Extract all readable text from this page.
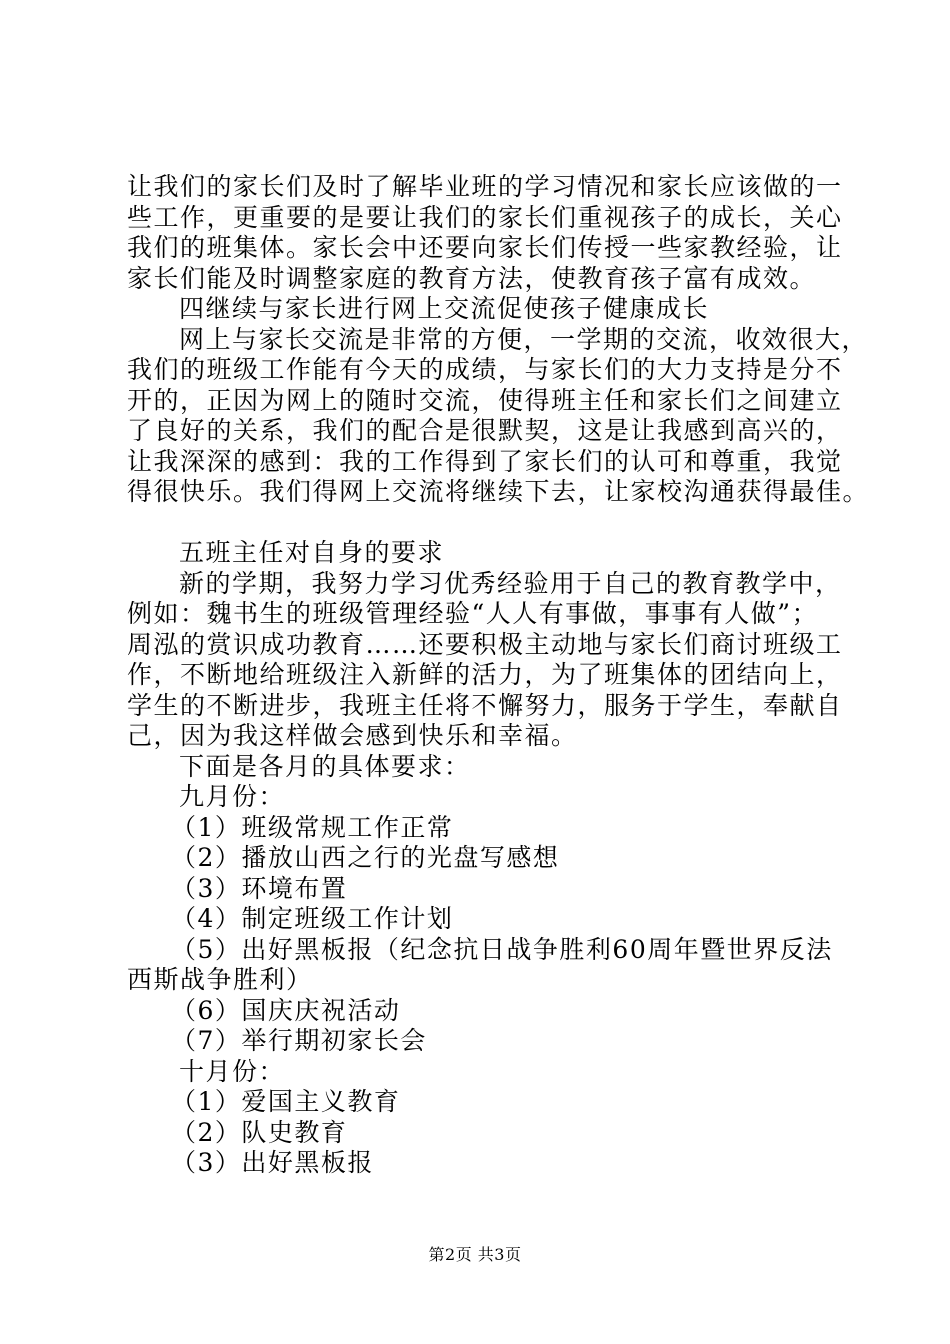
让我们的家长们及时了解毕业班的学习情况和家长应该做的一
些工作，更重要的是要让我们的家长们重视孩子的成长，关心
我们的班集体。家长会中还要向家长们传授一些家教经验，让
家长们能及时调整家庭的教育方法，使教育孩子富有成效。
四继续与家长进行网上交流促使孩子健康成长
网上与家长交流是非常的方便，一学期的交流，收效很大，
我们的班级工作能有今天的成绩，与家长们的大力支持是分不
开的，正因为网上的随时交流，使得班主任和家长们之间建立
了良好的关系，我们的配合是很默契，这是让我感到高兴的，
让我深深的感到：我的工作得到了家长们的认可和尊重，我觉
得很快乐。我们得网上交流将继续下去，让家校沟通获得最佳。
五班主任对自身的要求
新的学期，我努力学习优秀经验用于自己的教育教学中，
例如：魏书生的班级管理经验“人人有事做，事事有人做”；
周泓的赏识成功教育……还要积极主动地与家长们商讨班级工
作，不断地给班级注入新鲜的活力，为了班集体的团结向上，
学生的不断进步，我班主任将不懈努力，服务于学生，奉献自
己，因为我这样做会感到快乐和幸福。
下面是各月的具体要求：
九月份：
（1）班级常规工作正常
（2）播放山西之行的光盘写感想
（3）环境布置
（4）制定班级工作计划
（5）出好黑板报（纪念抗日战争胜利60周年暨世界反法
西斯战争胜利）
（6）国庆庆祝活动
（7）举行期初家长会
十月份：
（1）爱国主义教育
（2）队史教育
（3）出好黑板报
第2页 共3页
